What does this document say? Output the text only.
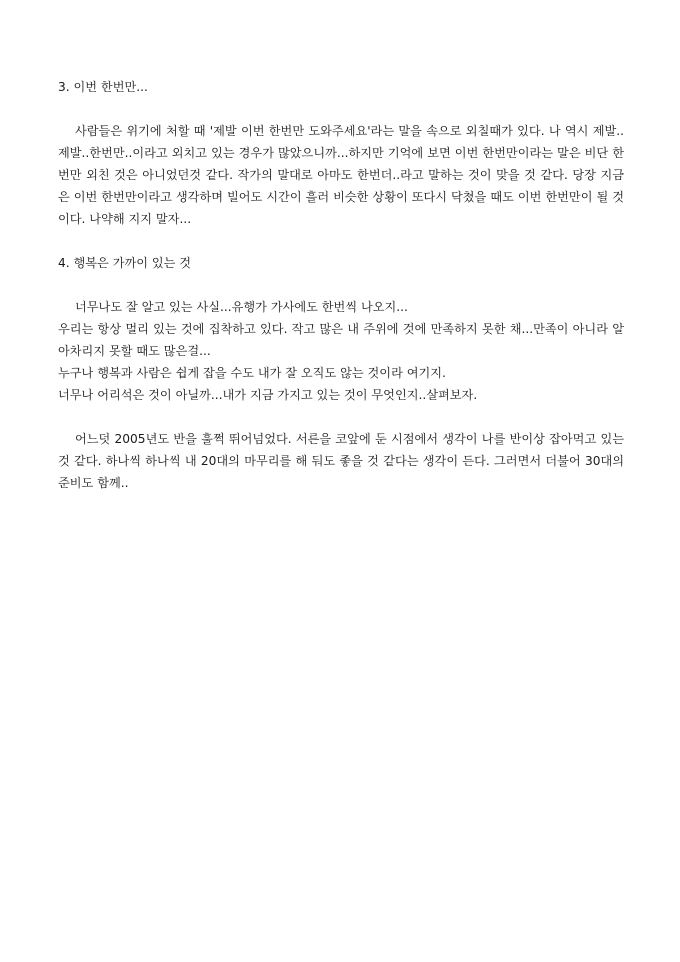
3. 이번 한번만...

사람들은 위기에 처할 때 '제발 이번 한번만 도와주세요'라는 말을 속으로 외칠때가 있다. 나 역시 제발..제발..한번만..이라고 외치고 있는 경우가 많았으니까...하지만 기억에 보면 이번 한번만이라는 말은 비단 한번만 외친 것은 아니었던것 같다. 작가의 말대로 아마도 한번더..라고 말하는 것이 맞을 것 같다. 당장 지금은 이번 한번만이라고 생각하며 빌어도 시간이 흘러 비슷한 상황이 또다시 닥쳤을 때도 이번 한번만이 될 것이다. 나약해 지지 말자...

4. 행복은 가까이 있는 것

너무나도 잘 알고 있는 사실...유행가 가사에도 한번씩 나오지...

우리는 항상 멀리 있는 것에 집착하고 있다. 작고 많은 내 주위에 것에 만족하지 못한 채...만족이 아니라 알아차리지 못할 때도 많은걸...

누구나 행복과 사람은 쉽게 잡을 수도 내가 잘 오직도 않는 것이라 여기지.

너무나 어리석은 것이 아닐까...내가 지금 가지고 있는 것이 무엇인지..살펴보자.

어느덧 2005년도 반을 훌쩍 뛰어넘었다. 서른을 코앞에 둔 시점에서 생각이 나를 반이상 잡아먹고 있는 것 같다. 하나씩 하나씩 내 20대의 마무리를 해 둬도 좋을 것 같다는 생각이 든다. 그러면서 더불어 30대의 준비도 함께..
